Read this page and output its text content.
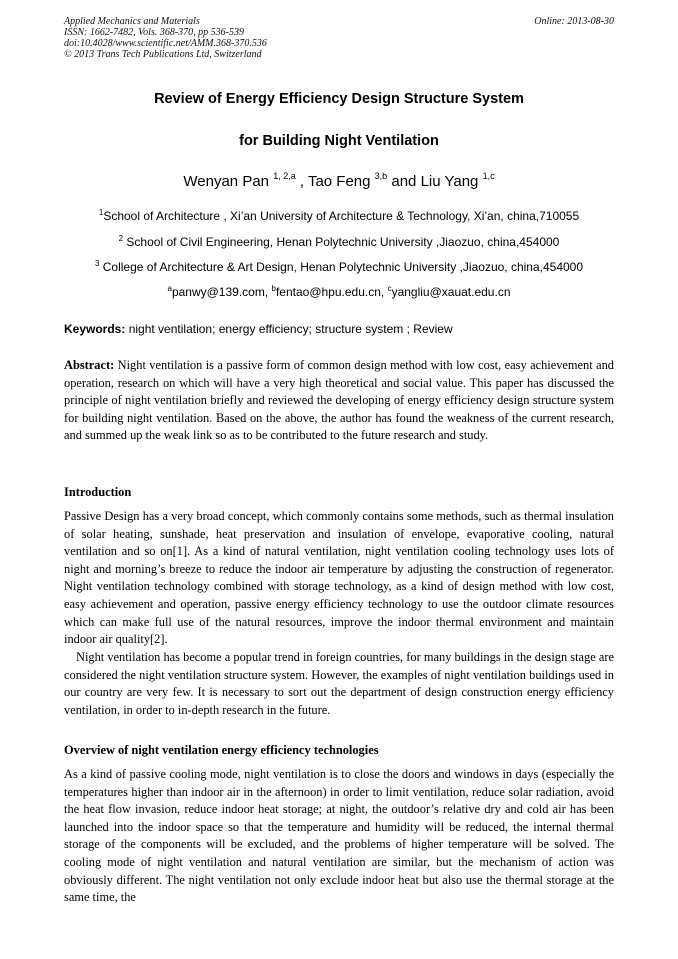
Applied Mechanics and Materials
ISSN: 1662-7482, Vols. 368-370, pp 536-539
doi:10.4028/www.scientific.net/AMM.368-370.536
© 2013 Trans Tech Publications Ltd, Switzerland
Online: 2013-08-30
Review of Energy Efficiency Design Structure System
for Building Night Ventilation
Wenyan Pan $^{1, 2,a}$ , Tao Feng $^{3,b}$ and Liu Yang $^{1,c}$
$^1$School of Architecture , Xi’an University of Architecture & Technology, Xi’an, china,710055
$^2$ School of Civil Engineering, Henan Polytechnic University ,Jiaozuo, china,454000
$^3$ College of Architecture & Art Design, Henan Polytechnic University ,Jiaozuo, china,454000
$^a$panwy@139.com, $^b$fentao@hpu.edu.cn, $^c$yangliu@xauat.edu.cn
Keywords: night ventilation; energy efficiency; structure system ; Review

Abstract: Night ventilation is a passive form of common design method with low cost, easy achievement and operation, research on which will have a very high theoretical and social value. This paper has discussed the principle of night ventilation briefly and reviewed the developing of energy efficiency design structure system for building night ventilation. Based on the above, the author has found the weakness of the current research, and summed up the weak link so as to be contributed to the future research and study.

Introduction

Passive Design has a very broad concept, which commonly contains some methods, such as thermal insulation of solar heating, sunshade, heat preservation and insulation of envelope, evaporative cooling, natural ventilation and so on[1]. As a kind of natural ventilation, night ventilation cooling technology uses lots of night and morning’s breeze to reduce the indoor air temperature by adjusting the construction of regenerator. Night ventilation technology combined with storage technology, as a kind of design method with low cost, easy achievement and operation, passive energy efficiency technology to use the outdoor climate resources which can make full use of the natural resources, improve the indoor thermal environment and maintain indoor air quality[2].

Night ventilation has become a popular trend in foreign countries, for many buildings in the design stage are considered the night ventilation structure system. However, the examples of night ventilation buildings used in our country are very few. It is necessary to sort out the department of design construction energy efficiency ventilation, in order to in-depth research in the future.

Overview of night ventilation energy efficiency technologies

As a kind of passive cooling mode, night ventilation is to close the doors and windows in days (especially the temperatures higher than indoor air in the afternoon) in order to limit ventilation, reduce solar radiation, avoid the heat flow invasion, reduce indoor heat storage; at night, the outdoor’s relative dry and cold air has been launched into the indoor space so that the temperature and humidity will be reduced, the internal thermal storage of the components will be excluded, and the problems of higher temperature will be solved. The cooling mode of night ventilation and natural ventilation are similar, but the mechanism of action was obviously different. The night ventilation not only exclude indoor heat but also use the thermal storage at the same time, the
